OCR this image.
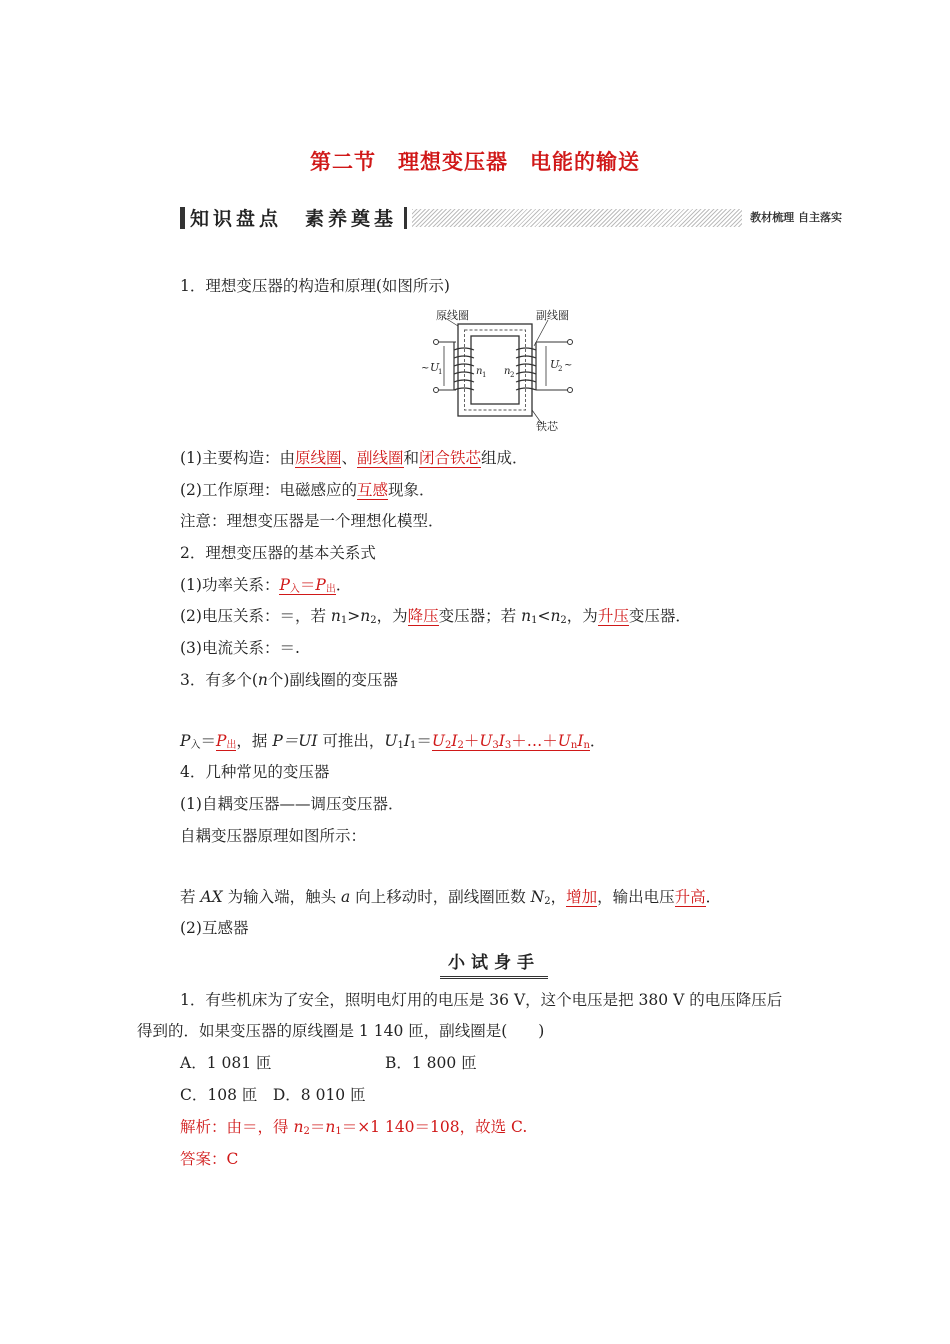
第二节　理想变压器　电能的输送
知识盘点　素养奠基	教材梳理 自主落实
1．理想变压器的构造和原理(如图所示)
原线圈	副线圈
铁芯
~ U
1	n 1 n 2
U
2 ~
(1)主要构造：由原线圈、副线圈和闭合铁芯组成．
(2)工作原理：电磁感应的互感现象．
注意：理想变压器是一个理想化模型．
2．理想变压器的基本关系式
(1)功率关系：$P_入=P_出$．
(2)电压关系：＝，若 $n_1>n_2$，为降压变压器；若 $n_1<n_2$，为升压变压器．
(3)电流关系：＝.
3．有多个(n个)副线圈的变压器
$P_入=P_出$，据 P＝UI 可推出，$U_1I_1=U_2I_2+U_3I_3+\dots+U_nI_n$．
4．几种常见的变压器
(1)自耦变压器——调压变压器．
自耦变压器原理如图所示：
若 AX 为输入端，触头 a 向上移动时，副线圈匝数 $N_2$，增加，输出电压升高．
(2)互感器
小试身手
1．有些机床为了安全，照明电灯用的电压是 36 V，这个电压是把 380 V 的电压降压后
得到的．如果变压器的原线圈是 1 140 匝，副线圈是(　　)
A．1 081 匝	B．1 800 匝
C．108 匝　D．8 010 匝
解析：由＝，得 $n_2=n_1=\times 1$ 140＝108，故选 C.
答案：C
